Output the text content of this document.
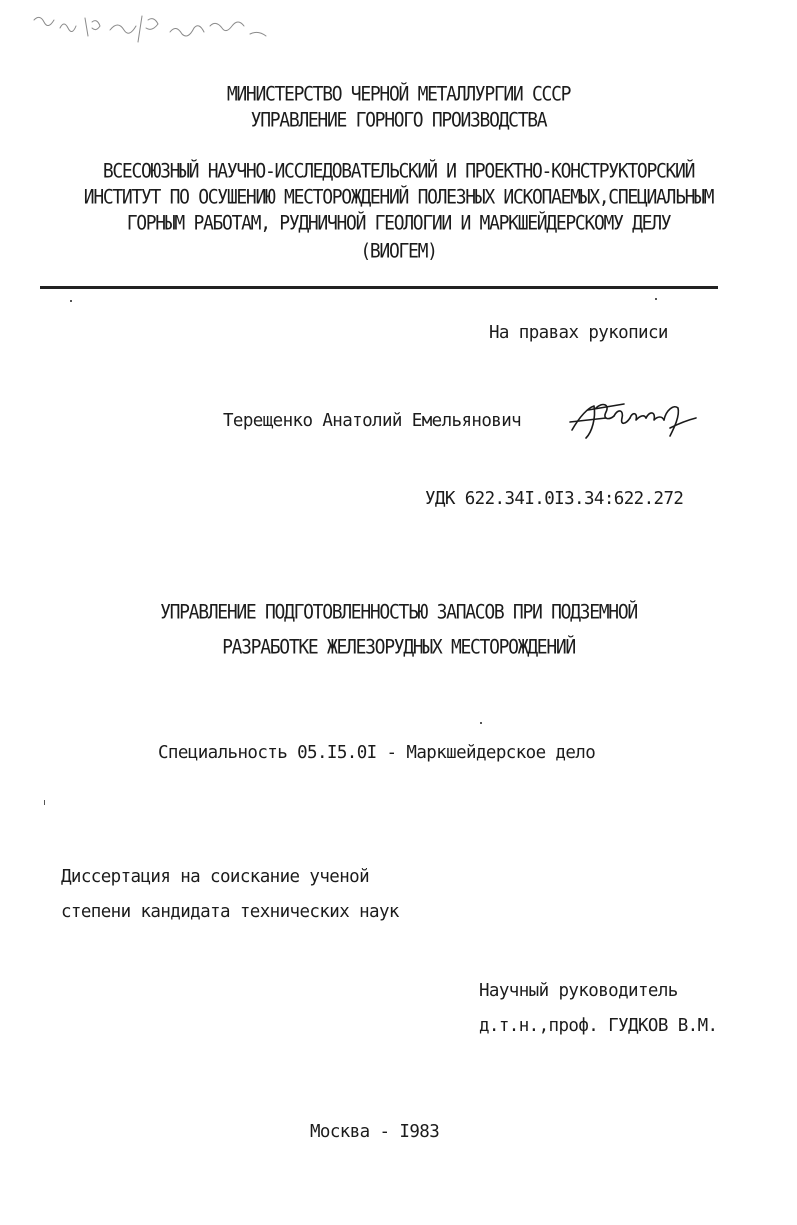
МИНИСТЕРСТВО ЧЕРНОЙ МЕТАЛЛУРГИИ СССР
УПРАВЛЕНИЕ ГОРНОГО ПРОИЗВОДСТВА
ВСЕСОЮЗНЫЙ НАУЧНО-ИССЛЕДОВАТЕЛЬСКИЙ И ПРОЕКТНО-КОНСТРУКТОРСКИЙ
ИНСТИТУТ ПО ОСУШЕНИЮ МЕСТОРОЖДЕНИЙ ПОЛЕЗНЫХ ИСКОПАЕМЫХ,СПЕЦИАЛЬНЫМ
ГОРНЫМ РАБОТАМ, РУДНИЧНОЙ ГЕОЛОГИИ И МАРКШЕЙДЕРСКОМУ ДЕЛУ
(ВИОГЕМ)
На правах рукописи
Терещенко Анатолий Емельянович
УДК 622.34I.0I3.34:622.272
УПРАВЛЕНИЕ ПОДГОТОВЛЕННОСТЬЮ ЗАПАСОВ ПРИ ПОДЗЕМНОЙ
РАЗРАБОТКЕ ЖЕЛЕЗОРУДНЫХ МЕСТОРОЖДЕНИЙ
Специальность 05.I5.0I - Маркшейдерское дело
Диссертация на соискание ученой
степени кандидата технических наук
Научный руководитель
д.т.н.,проф. ГУДКОВ В.М.
Москва - I983
